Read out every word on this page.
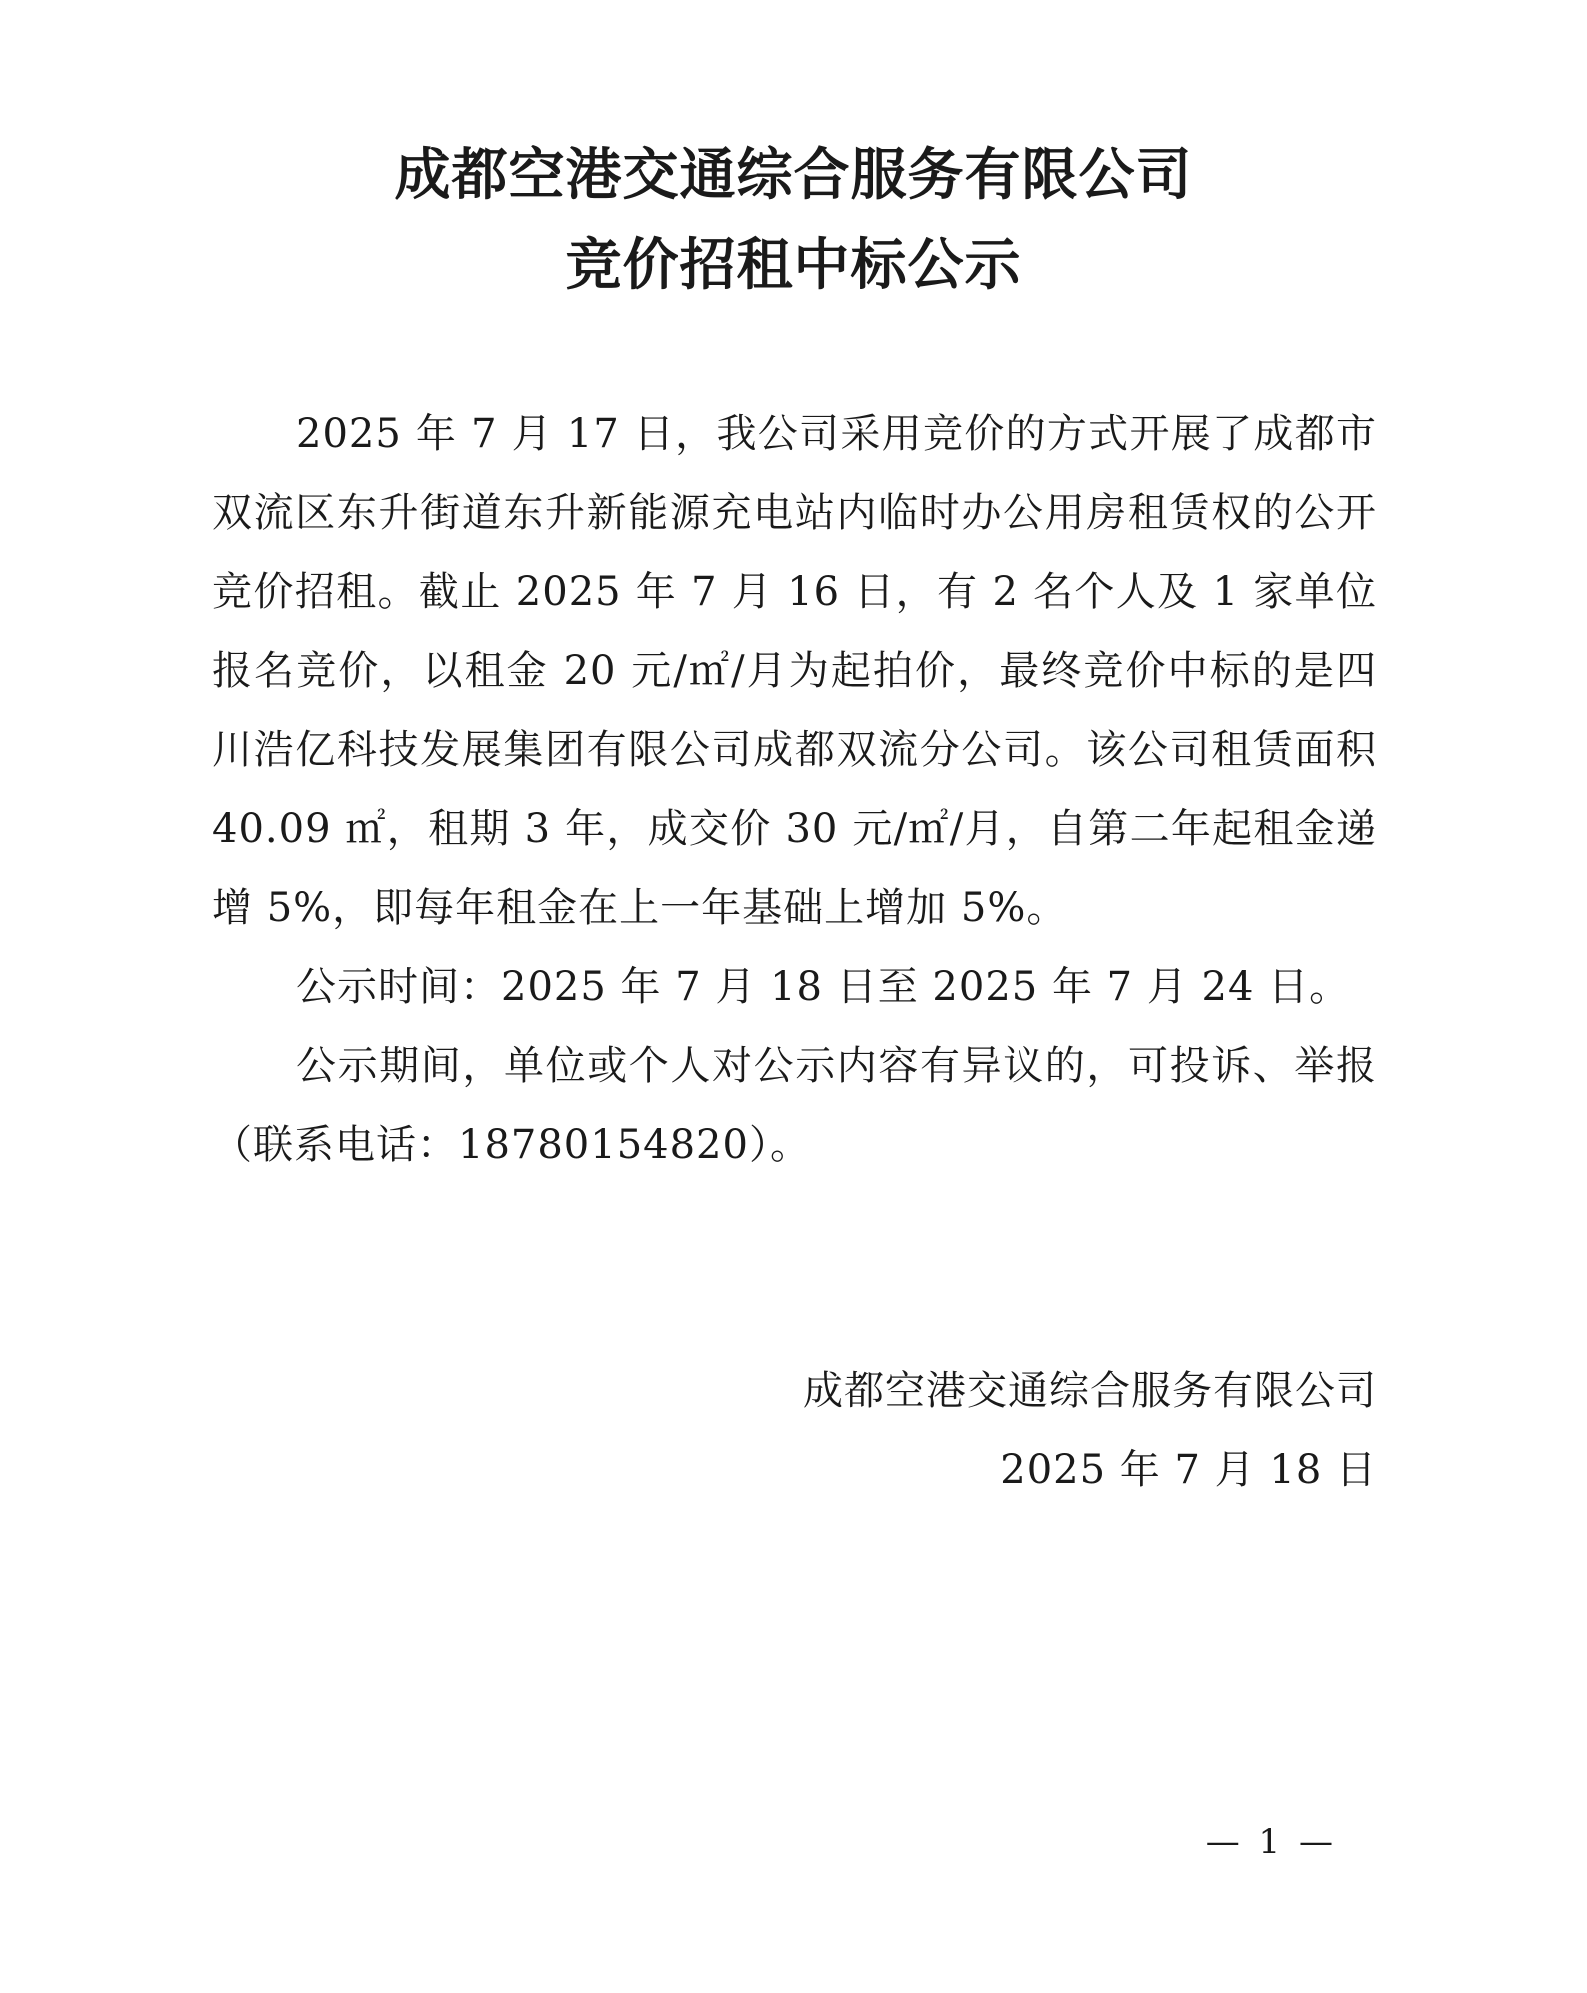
成都空港交通综合服务有限公司
竞价招租中标公示

2025 年 7 月 17 日，我公司采用竞价的方式开展了成都市双流区东升街道东升新能源充电站内临时办公用房租赁权的公开竞价招租。截止 2025 年 7 月 16 日，有 2 名个人及 1 家单位报名竞价，以租金 20 元/㎡/月为起拍价，最终竞价中标的是四川浩亿科技发展集团有限公司成都双流分公司。该公司租赁面积 40.09 ㎡，租期 3 年，成交价 30 元/㎡/月，自第二年起租金递增 5%，即每年租金在上一年基础上增加 5%。

公示时间：2025 年 7 月 18 日至 2025 年 7 月 24 日。

公示期间，单位或个人对公示内容有异议的，可投诉、举报（联系电话：18780154820）。

成都空港交通综合服务有限公司
2025 年 7 月 18 日
— 1 —
